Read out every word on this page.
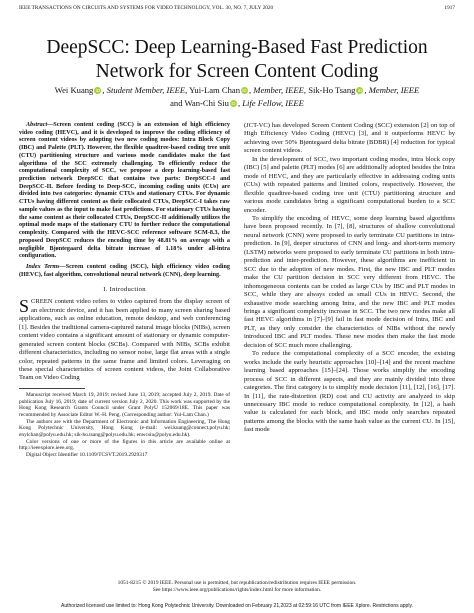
IEEE TRANSACTIONS ON CIRCUITS AND SYSTEMS FOR VIDEO TECHNOLOGY, VOL. 30, NO. 7, JULY 2020	1917
DeepSCC: Deep Learning-Based Fast Prediction
Network for Screen Content Coding
Wei Kuang iD , Student Member, IEEE, Yui-Lam Chan iD , Member, IEEE, Sik-Ho Tsang iD , Member, IEEE
and Wan-Chi Siu iD , Life Fellow, IEEE

Abstract—Screen content coding (SCC) is an extension of high efficiency video coding (HEVC), and it is developed to improve the coding efficiency of screen content videos by adopting two new coding modes: Intra Block Copy (IBC) and Palette (PLT). However, the flexible quadtree-based coding tree unit (CTU) partitioning structure and various mode candidates make the fast algorithms of the SCC extremely challenging. To efficiently reduce the computational complexity of SCC, we propose a deep learning-based fast prediction network DeepSCC that contains two parts: DeepSCC-I and DeepSCC-II. Before feeding to Deep-SCC, incoming coding units (CUs) are divided into two categories: dynamic CTUs and stationary CTUs. For dynamic CTUs having different content as their collocated CTUs, DeepSCC-I takes raw sample values as the input to make fast predictions. For stationary CTUs having the same content as their collocated CTUs, DeepSCC-II additionally utilizes the optimal mode maps of the stationary CTU to further reduce the computational complexity. Compared with the HEVC-SCC reference software SCM-8.3, the proposed DeepSCC reduces the encoding time by 48.81% on average with a negligible Bjøntegaard delta bitrate increase of 1.18% under all-intra configuration.

Index Terms—Screen content coding (SCC), high efficiency video coding (HEVC), fast algorithm, convolutional neural network (CNN), deep learning.

I. Introduction

SCREEN content video refers to video captured from the display screen of an electronic device, and it has been applied to many screen sharing based applications, such as online education, remote desktop, and web conferencing [1]. Besides the traditional camera-captured natural image blocks (NIBs), screen content video contains a significant amount of stationary or dynamic computer-generated screen content blocks (SCBs). Compared with NIBs, SCBs exhibit different characteristics, including no sensor noise, large flat areas with a single color, repeated patterns in the same frame and limited colors. Leveraging on these special characteristics of screen content videos, the Joint Collaborative Team on Video Coding

Manuscript received March 19, 2019; revised June 13, 2019; accepted July 2, 2019. Date of publication July 16, 2019; date of current version July 2, 2020. This work was supported by the Hong Kong Research Grants Council under Grant PolyU 152069/18E. This paper was recommended by Associate Editor W.-H. Peng. (Corresponding author: Yui-Lam Chan.)

The authors are with the Department of Electronic and Information Engineering, The Hong Kong Polytechnic University, Hong Kong (e-mail: wei.kuang@connect.polyu.hk; enylchan@polyu.edu.hk; sik-ho.tsang@polyu.edu.hk; enwcsiu@polyu.edu.hk).

Color versions of one or more of the figures in this article are available online at http://ieeexplore.ieee.org.

Digital Object Identifier 10.1109/TCSVT.2019.2929317

(JCT-VC) has developed Screen Content Coding (SCC) extension [2] on top of High Efficiency Video Coding (HEVC) [3], and it outperforms HEVC by achieving over 50% Bjøntegaard delta bitrate (BDBR) [4] reduction for typical screen content videos.

In the development of SCC, two important coding modes, intra block copy (IBC) [5] and palette (PLT) modes [6] are additionally adopted besides the Intra mode of HEVC, and they are particularly effective in addressing coding units (CUs) with repeated patterns and limited colors, respectively. However, the flexible quadtree-based coding tree unit (CTU) partitioning structure and various mode candidates bring a significant computational burden to a SCC encoder.

To simplify the encoding of HEVC, some deep learning based algorithms have been proposed recently. In [7], [8], structures of shallow convolutional neural network (CNN) were proposed to early terminate CU partitions in intra-prediction. In [9], deeper structures of CNN and long- and short-term memory (LSTM) networks were proposed to early terminate CU partitions in both intra-prediction and inter-prediction. However, these algorithms are inefficient in SCC due to the adoption of new modes. First, the new IBC and PLT modes make the CU partition decision in SCC very different from HEVC. The inhomogeneous contents can be coded as large CUs by IBC and PLT modes in SCC, while they are always coded as small CUs in HEVC. Second, the exhaustive mode searching among Intra, and the new IBC and PLT modes brings a significant complexity increase in SCC. The two new modes make all fast HEVC algorithms in [7]–[9] fail in fast mode decision of Intra, IBC and PLT, as they only consider the characteristics of NIBs without the newly introduced IBC and PLT modes. These new modes then make the fast mode decision of SCC much more challenging.

To reduce the computational complexity of a SCC encoder, the existing works include the early heuristic approaches [10]–[14] and the recent machine learning based approaches [15]–[24]. Those works simplify the encoding process of SCC in different aspects, and they are mainly divided into three categories. The first category is to simplify mode decision [11], [12], [16], [17]. In [11], the rate-distortion (RD) cost and CU activity are analyzed to skip unnecessary IBC mode to reduce computational complexity. In [12], a hash value is calculated for each block, and IBC mode only searches repeated patterns among the blocks with the same hash value as the current CU. In [15], fast mode

1051-8215 © 2019 IEEE. Personal use is permitted, but republication/redistribution requires IEEE permission.
See https://www.ieee.org/publications/rights/index.html for more information.
Authorized licensed use limited to: Hong Kong Polytechnic University. Downloaded on February 21,2023 at 02:59:16 UTC from IEEE Xplore. Restrictions apply.
